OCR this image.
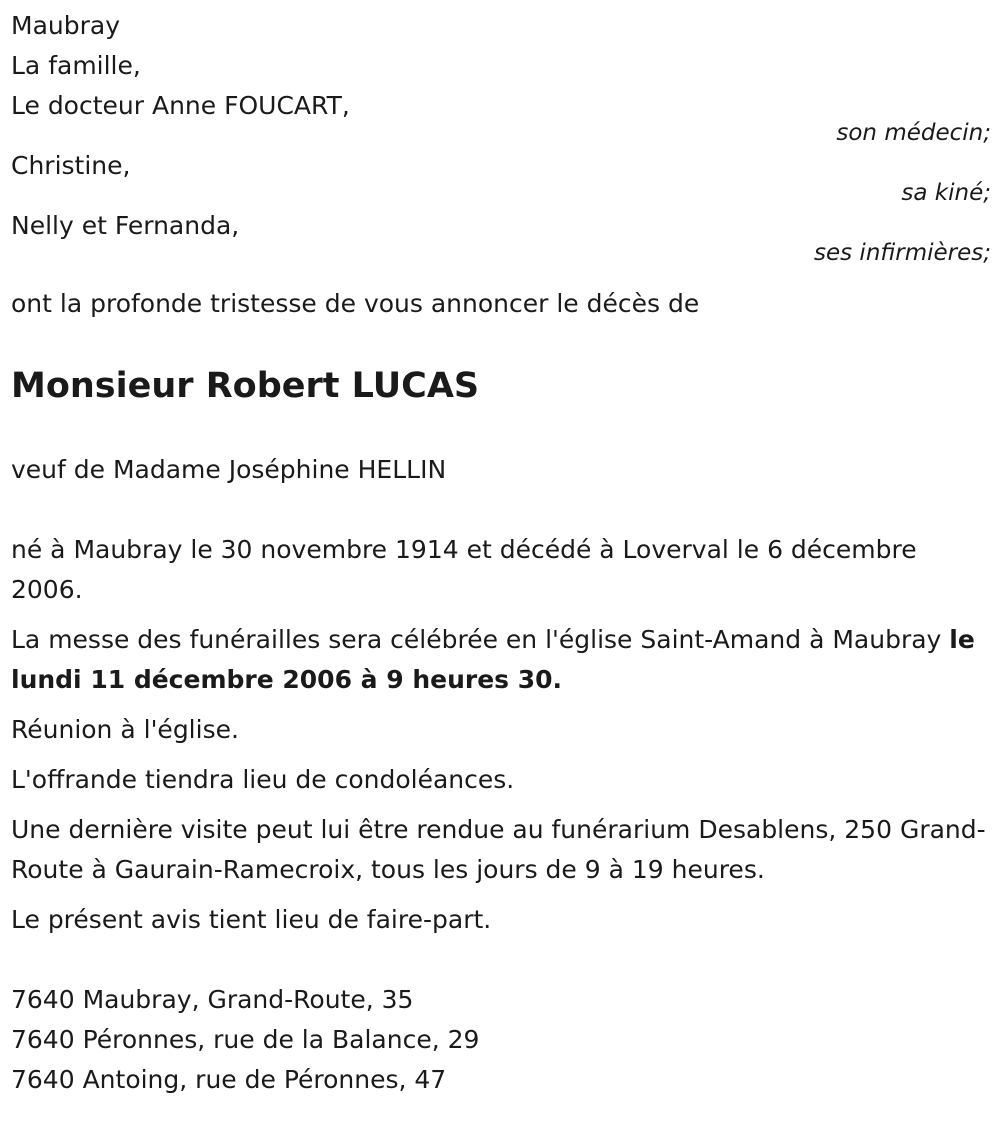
Maubray
La famille,
Le docteur Anne FOUCART,
son médecin;
Christine,
sa kiné;
Nelly et Fernanda,
ses infirmières;
ont la profonde tristesse de vous annoncer le décès de
Monsieur Robert LUCAS
veuf de Madame Joséphine HELLIN
né à Maubray le 30 novembre 1914 et décédé à Loverval le 6 décembre 2006.
La messe des funérailles sera célébrée en l'église Saint-Amand à Maubray le lundi 11 décembre 2006 à 9 heures 30.
Réunion à l'église.
L'offrande tiendra lieu de condoléances.
Une dernière visite peut lui être rendue au funérarium Desablens, 250 Grand-Route à Gaurain-Ramecroix, tous les jours de 9 à 19 heures.
Le présent avis tient lieu de faire-part.
7640 Maubray, Grand-Route, 35
7640 Péronnes, rue de la Balance, 29
7640 Antoing, rue de Péronnes, 47
